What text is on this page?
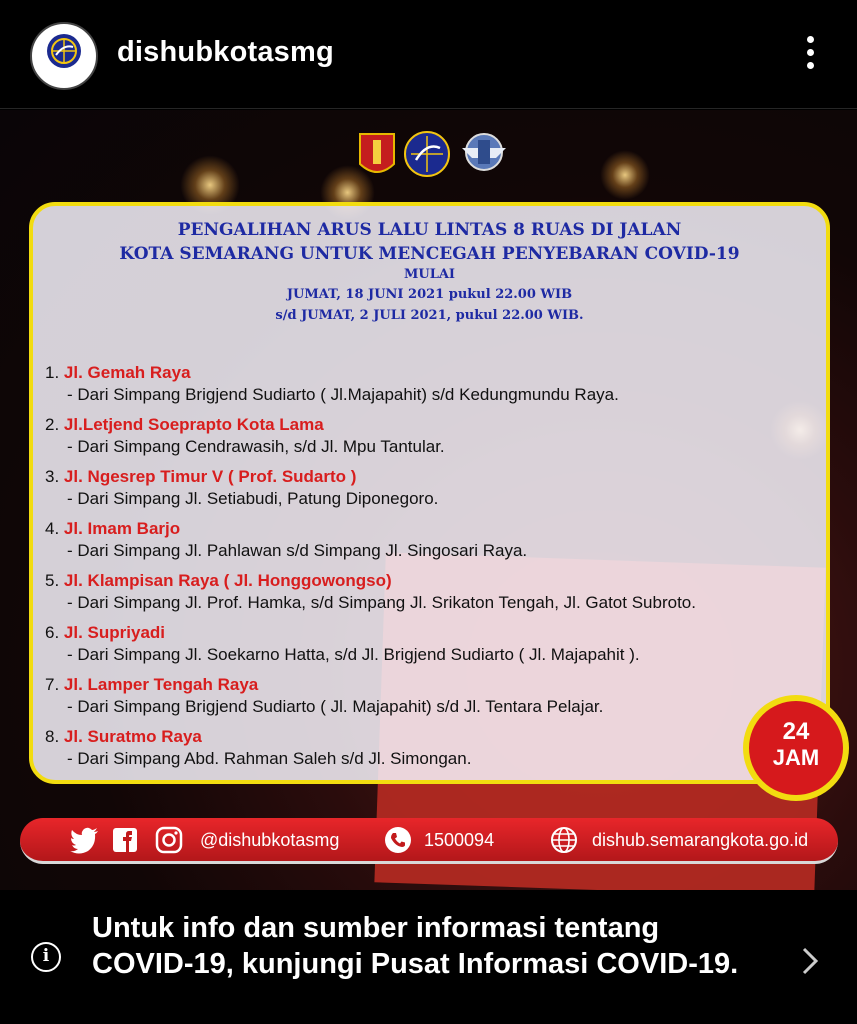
dishubkotasmg
PENGALIHAN ARUS LALU LINTAS 8 RUAS DI JALAN
KOTA SEMARANG UNTUK MENCEGAH PENYEBARAN COVID-19
MULAI
JUMAT, 18 JUNI 2021 pukul 22.00 WIB
s/d JUMAT, 2 JULI 2021, pukul 22.00 WIB.
1. Jl. Gemah Raya
- Dari Simpang Brigjend Sudiarto ( Jl.Majapahit) s/d Kedungmundu Raya.
2. Jl.Letjend Soeprapto Kota Lama
- Dari Simpang Cendrawasih, s/d Jl. Mpu Tantular.
3. Jl. Ngesrep Timur V ( Prof. Sudarto )
- Dari Simpang Jl. Setiabudi, Patung Diponegoro.
4. Jl. Imam Barjo
- Dari Simpang Jl. Pahlawan s/d Simpang Jl. Singosari Raya.
5. Jl. Klampisan Raya ( Jl. Honggowongso)
- Dari Simpang Jl. Prof. Hamka, s/d Simpang Jl. Srikaton Tengah, Jl. Gatot Subroto.
6. Jl. Supriyadi
- Dari Simpang Jl. Soekarno Hatta, s/d Jl. Brigjend Sudiarto ( Jl. Majapahit ).
7. Jl. Lamper Tengah Raya
- Dari Simpang Brigjend Sudiarto ( Jl. Majapahit) s/d Jl. Tentara Pelajar.
8. Jl. Suratmo Raya
- Dari Simpang Abd. Rahman Saleh s/d Jl. Simongan.
24
JAM
@dishubkotasmg	1500094	dishub.semarangkota.go.id
i
Untuk info dan sumber informasi tentang COVID-19, kunjungi Pusat Informasi COVID-19.
